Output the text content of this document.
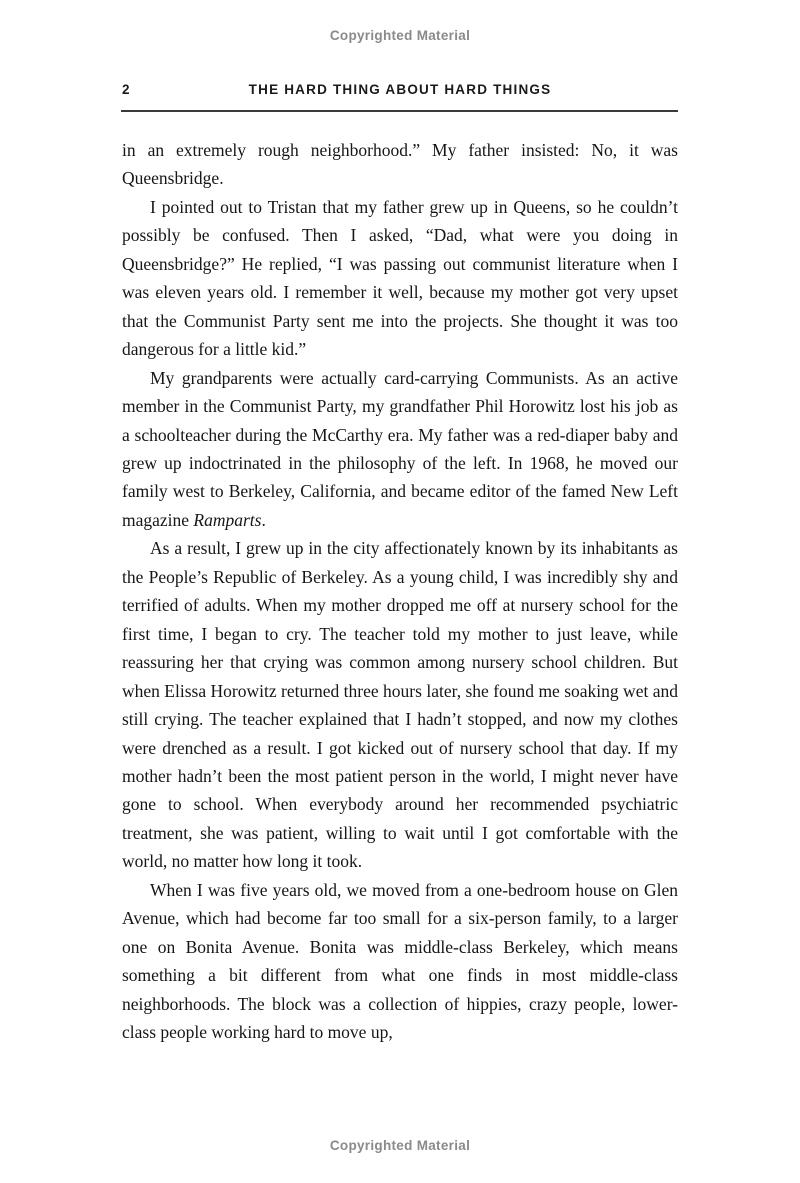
Copyrighted Material
2	THE HARD THING ABOUT HARD THINGS

in an extremely rough neighborhood.” My father insisted: No, it was Queensbridge.

I pointed out to Tristan that my father grew up in Queens, so he couldn’t possibly be confused. Then I asked, “Dad, what were you doing in Queensbridge?” He replied, “I was passing out communist literature when I was eleven years old. I remember it well, because my mother got very upset that the Communist Party sent me into the projects. She thought it was too dangerous for a little kid.”

My grandparents were actually card-carrying Communists. As an active member in the Communist Party, my grandfather Phil Horowitz lost his job as a schoolteacher during the McCarthy era. My father was a red-diaper baby and grew up indoctrinated in the philosophy of the left. In 1968, he moved our family west to Berkeley, California, and became editor of the famed New Left magazine Ramparts.

As a result, I grew up in the city affectionately known by its inhabitants as the People’s Republic of Berkeley. As a young child, I was incredibly shy and terrified of adults. When my mother dropped me off at nursery school for the first time, I began to cry. The teacher told my mother to just leave, while reassuring her that crying was common among nursery school children. But when Elissa Horowitz returned three hours later, she found me soaking wet and still crying. The teacher explained that I hadn’t stopped, and now my clothes were drenched as a result. I got kicked out of nursery school that day. If my mother hadn’t been the most patient person in the world, I might never have gone to school. When everybody around her recommended psychiatric treatment, she was patient, willing to wait until I got comfortable with the world, no matter how long it took.

When I was five years old, we moved from a one-bedroom house on Glen Avenue, which had become far too small for a six-person family, to a larger one on Bonita Avenue. Bonita was middle-class Berkeley, which means something a bit different from what one finds in most middle-class neighborhoods. The block was a collection of hippies, crazy people, lower-class people working hard to move up,

Copyrighted Material
